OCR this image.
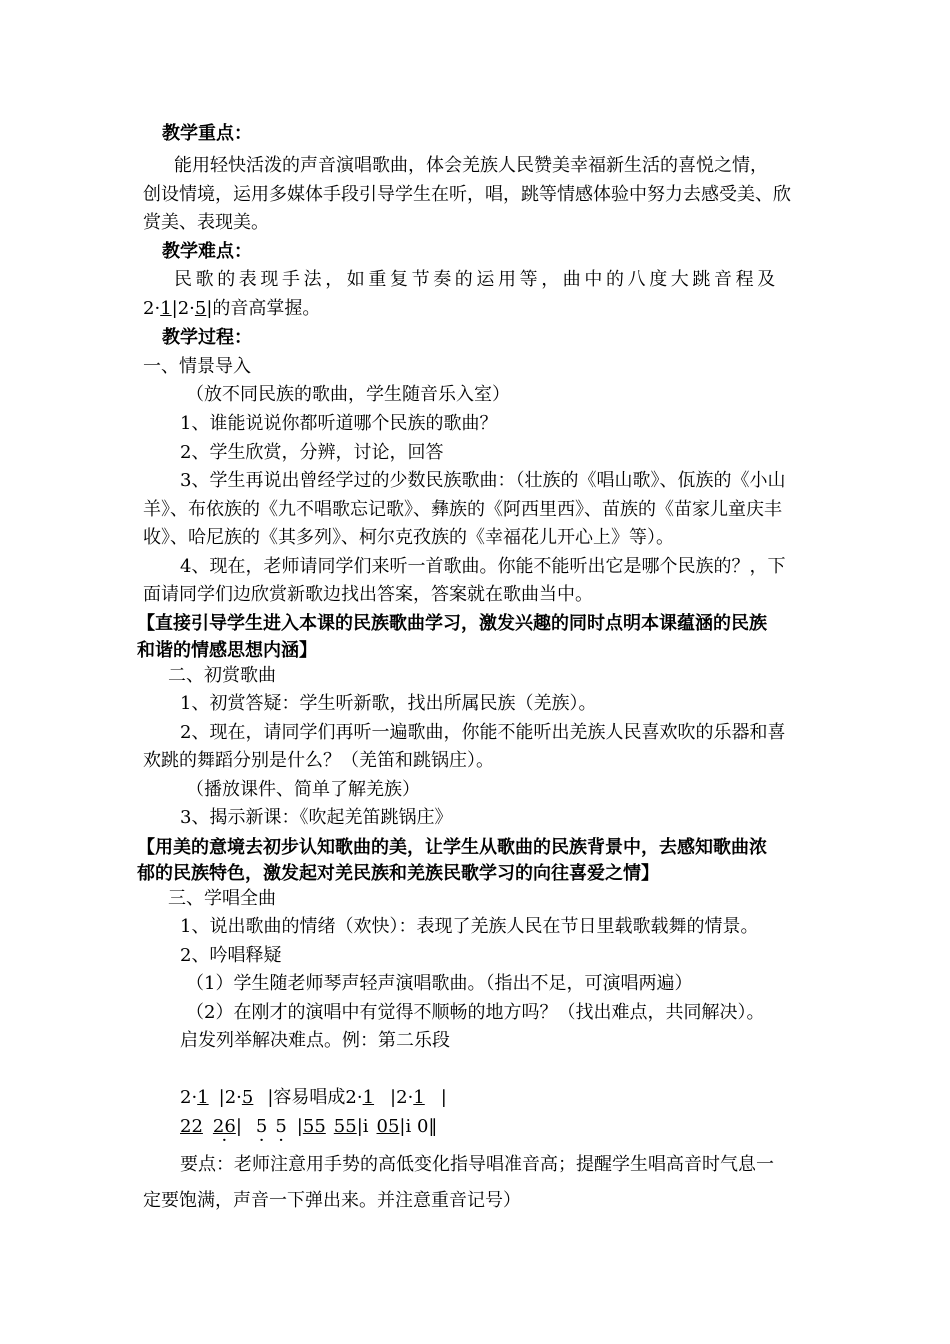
教学重点：
能用轻快活泼的声音演唱歌曲，体会羌族人民赞美幸福新生活的喜悦之情，
创设情境，运用多媒体手段引导学生在听，唱，跳等情感体验中努力去感受美、欣
赏美、表现美。
教学难点：
民歌的表现手法，如重复节奏的运用等，曲中的八度大跳音程及
2·1|2·5|的音高掌握。
教学过程：
一、情景导入
（放不同民族的歌曲，学生随音乐入室）
1、谁能说说你都听道哪个民族的歌曲？
2、学生欣赏，分辨，讨论，回答
3、学生再说出曾经学过的少数民族歌曲：（壮族的《唱山歌》、佤族的《小山
羊》、布依族的《九不唱歌忘记歌》、彝族的《阿西里西》、苗族的《苗家儿童庆丰
收》、哈尼族的《其多列》、柯尔克孜族的《幸福花儿开心上》等）。
4、现在，老师请同学们来听一首歌曲。你能不能听出它是哪个民族的？，下
面请同学们边欣赏新歌边找出答案，答案就在歌曲当中。
【直接引导学生进入本课的民族歌曲学习，激发兴趣的同时点明本课蕴涵的民族
和谐的情感思想内涵】
二、初赏歌曲
1、初赏答疑：学生听新歌，找出所属民族（羌族）。
2、现在，请同学们再听一遍歌曲，你能不能听出羌族人民喜欢吹的乐器和喜
欢跳的舞蹈分别是什么？（羌笛和跳锅庄）。
（播放课件、简单了解羌族）
3、揭示新课：《吹起羌笛跳锅庄》
【用美的意境去初步认知歌曲的美，让学生从歌曲的民族背景中，去感知歌曲浓
郁的民族特色，激发起对羌民族和羌族民歌学习的向往喜爱之情】
三、学唱全曲
1、说出歌曲的情绪（欢快）：表现了羌族人民在节日里载歌载舞的情景。
2、吟唱释疑
（1）学生随老师琴声轻声演唱歌曲。（指出不足，可演唱两遍）
（2）在刚才的演唱中有觉得不顺畅的地方吗？（找出难点，共同解决）。
启发列举解决难点。例：第二乐段
2·1 |2·5 |容易唱成2·1 |2·1 |
22 26 ·| 5 · 5 · |55 55|i 05|i 0‖
要点：老师注意用手势的高低变化指导唱准音高；提醒学生唱高音时气息一
定要饱满，声音一下弹出来。并注意重音记号）
